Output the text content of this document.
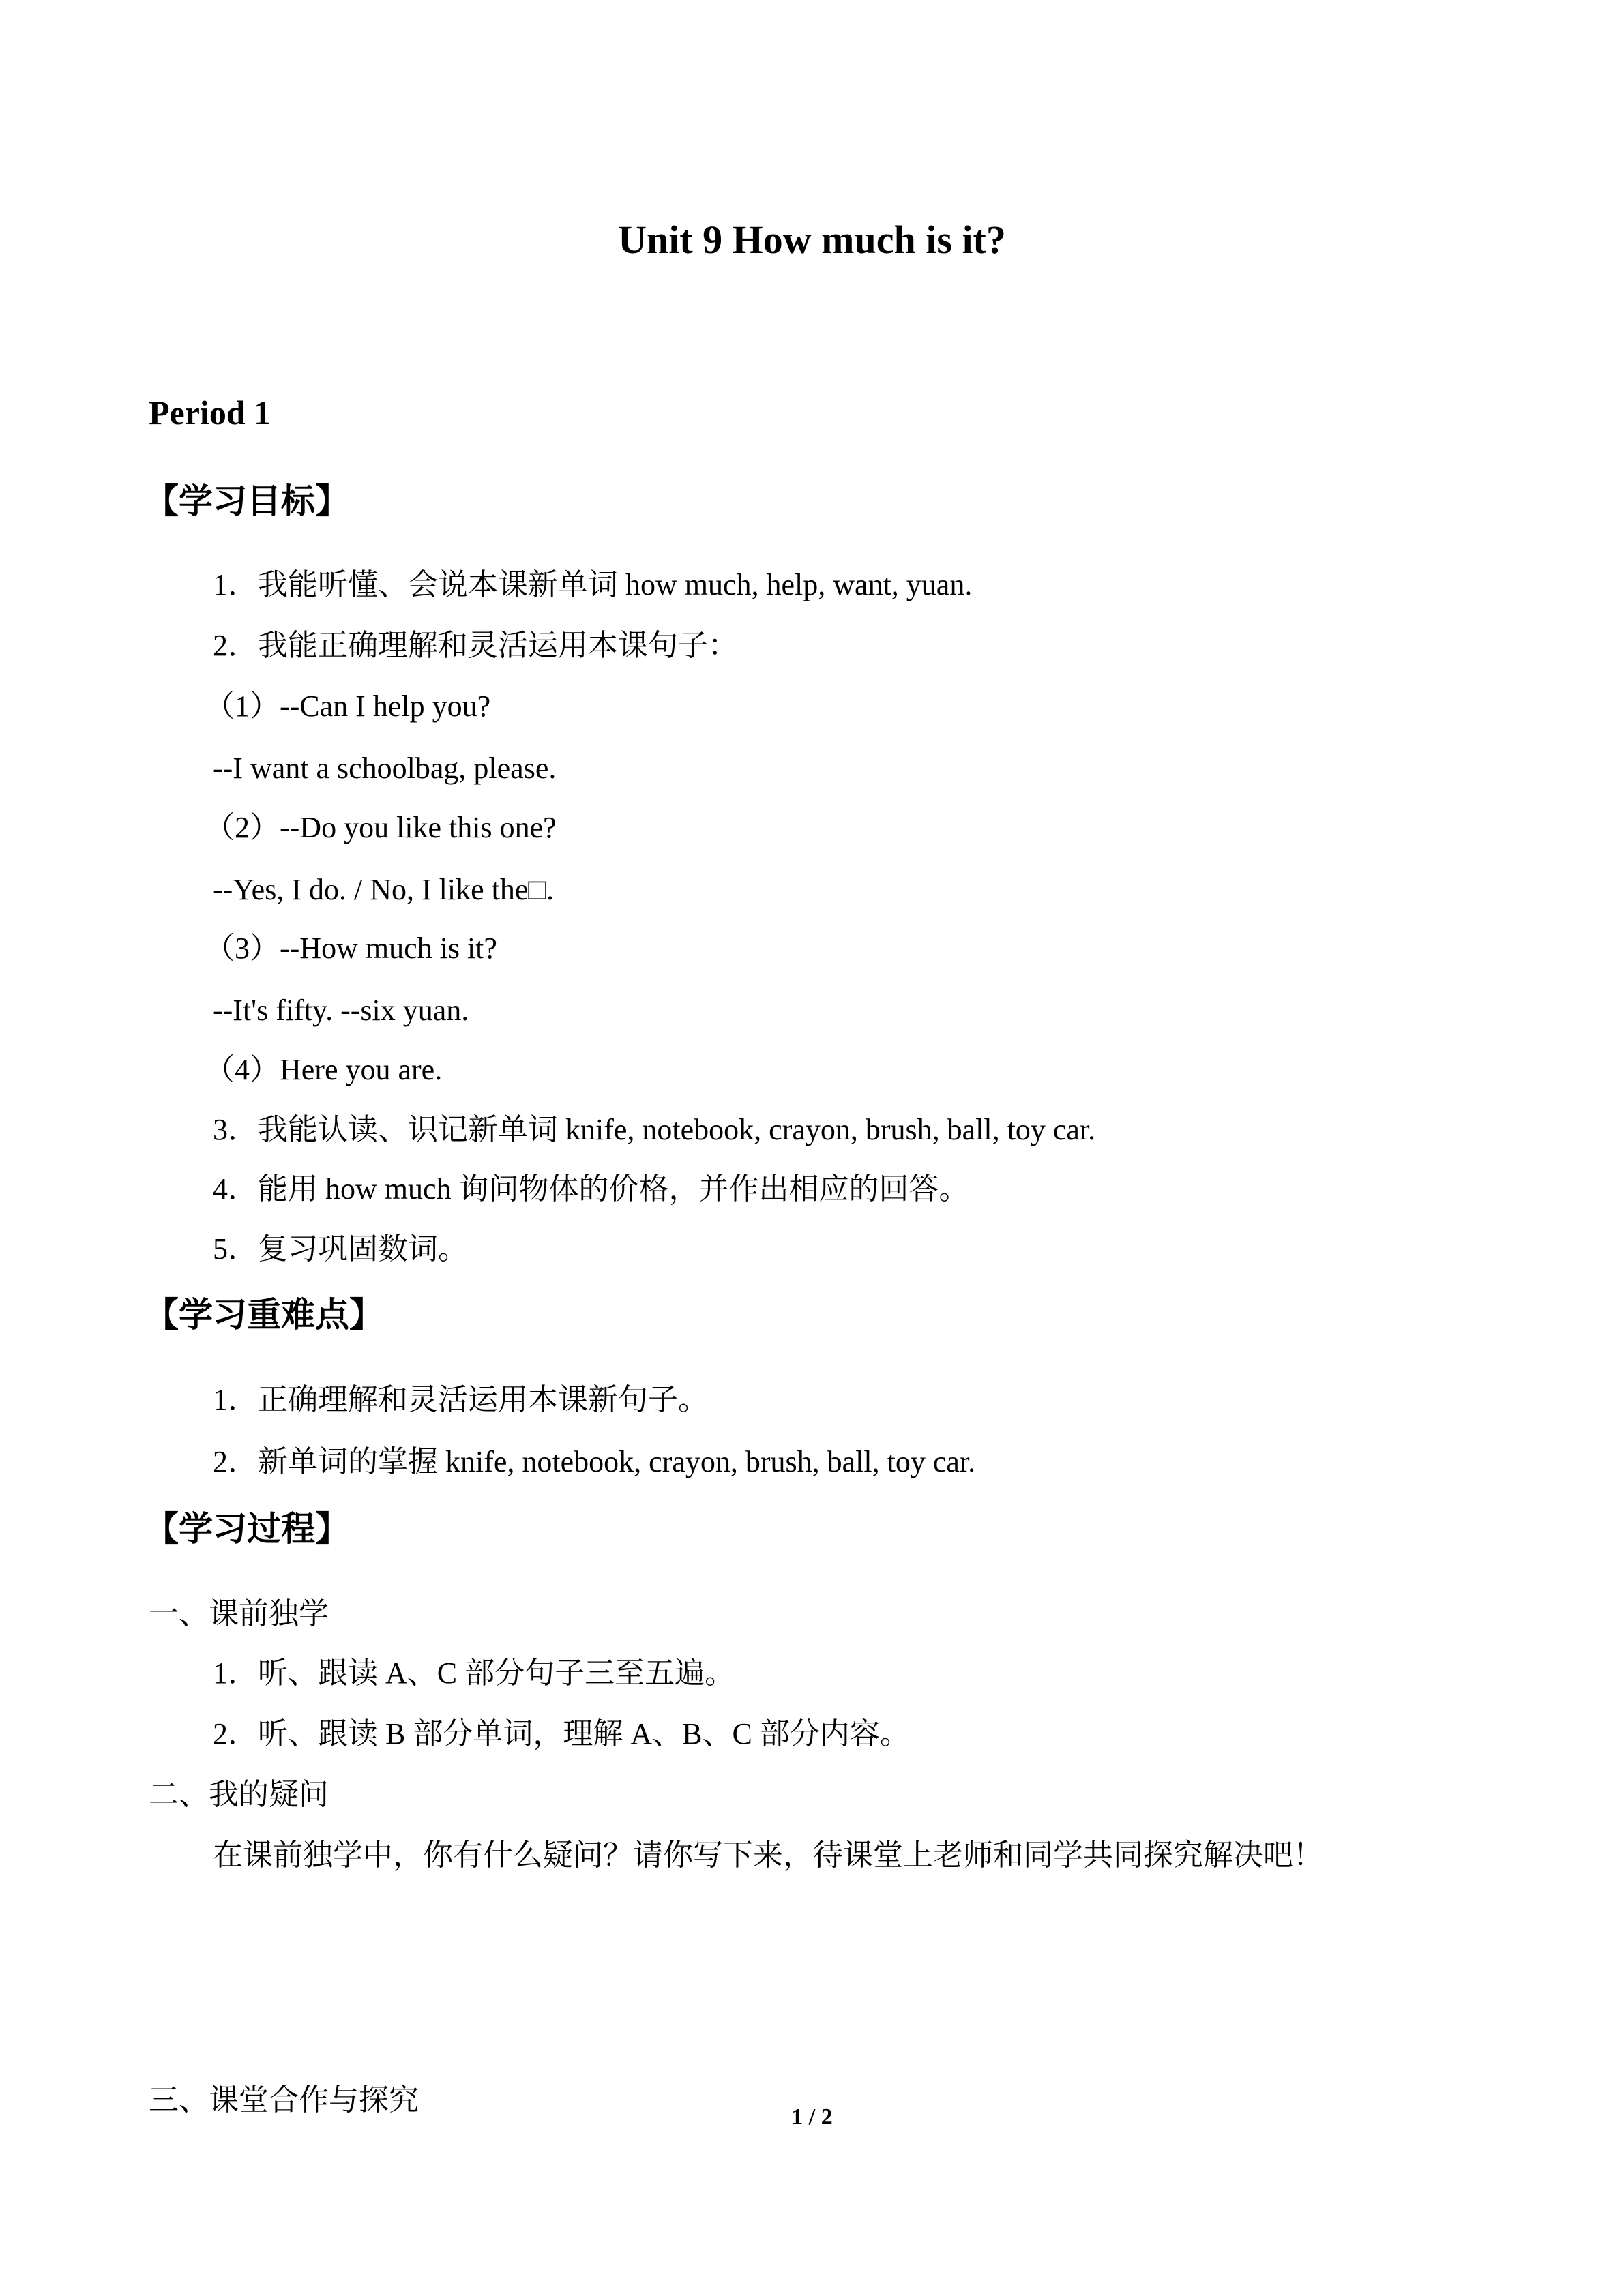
Unit 9 How much is it?
Period 1
【学习目标】
1．我能听懂、会说本课新单词 how much, help, want, yuan.
2．我能正确理解和灵活运用本课句子：
（1）--Can I help you?
--I want a schoolbag, please.
（2）--Do you like this one?
--Yes, I do. / No, I like the□.
（3）--How much is it?
--It's fifty. --six yuan.
（4）Here you are.
3．我能认读、识记新单词 knife, notebook, crayon, brush, ball, toy car.
4．能用 how much 询问物体的价格，并作出相应的回答。
5．复习巩固数词。
【学习重难点】
1．正确理解和灵活运用本课新句子。
2．新单词的掌握 knife, notebook, crayon, brush, ball, toy car.
【学习过程】
一、课前独学
1．听、跟读 A、C 部分句子三至五遍。
2．听、跟读 B 部分单词，理解 A、B、C 部分内容。
二、我的疑问
在课前独学中，你有什么疑问？请你写下来，待课堂上老师和同学共同探究解决吧！
三、课堂合作与探究
1 / 2
